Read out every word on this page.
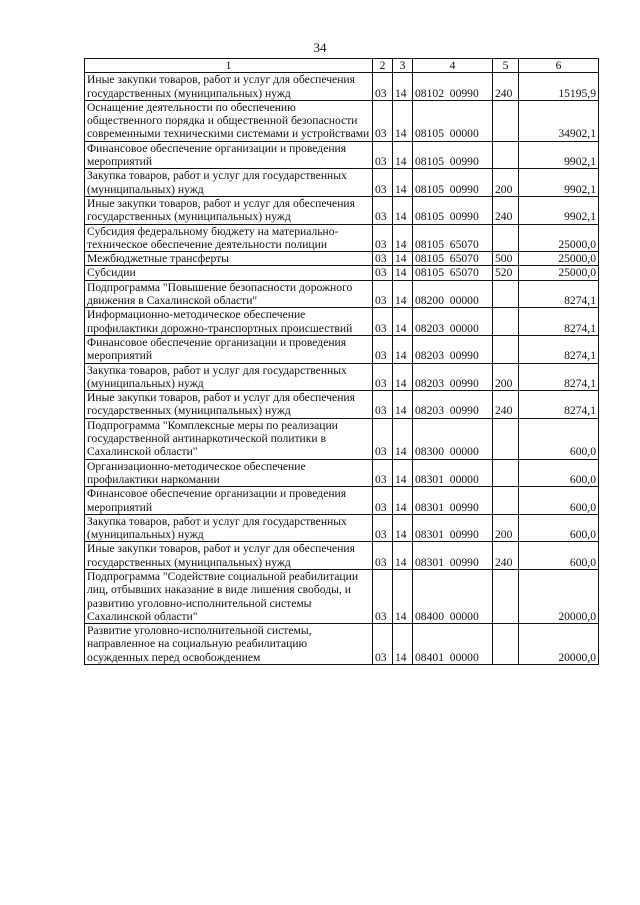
34
1	2	3	4	5	6
Иные закупки товаров, работ и услуг для обеспечения государственных (муниципальных) нужд	03	14	08102  00990	240	15195,9
Оснащение деятельности по обеспечению общественного порядка и общественной безопасности современными техническими системами и устройствами	03	14	08105  00000		34902,1
Финансовое обеспечение организации и проведения мероприятий	03	14	08105  00990		9902,1
Закупка товаров, работ и услуг для государственных (муниципальных) нужд	03	14	08105  00990	200	9902,1
Иные закупки товаров, работ и услуг для обеспечения государственных (муниципальных) нужд	03	14	08105  00990	240	9902,1
Субсидия федеральному бюджету на материально-техническое обеспечение деятельности полиции	03	14	08105  65070		25000,0
Межбюджетные трансферты	03	14	08105  65070	500	25000,0
Субсидии	03	14	08105  65070	520	25000,0
Подпрограмма "Повышение безопасности дорожного движения в Сахалинской области"	03	14	08200  00000		8274,1
Информационно-методическое обеспечение профилактики дорожно-транспортных происшествий	03	14	08203  00000		8274,1
Финансовое обеспечение организации и проведения мероприятий	03	14	08203  00990		8274,1
Закупка товаров, работ и услуг для государственных (муниципальных) нужд	03	14	08203  00990	200	8274,1
Иные закупки товаров, работ и услуг для обеспечения государственных (муниципальных) нужд	03	14	08203  00990	240	8274,1
Подпрограмма "Комплексные меры по реализации государственной антинаркотической политики в Сахалинской области"	03	14	08300  00000		600,0
Организационно-методическое обеспечение профилактики наркомании	03	14	08301  00000		600,0
Финансовое обеспечение организации и проведения мероприятий	03	14	08301  00990		600,0
Закупка товаров, работ и услуг для государственных (муниципальных) нужд	03	14	08301  00990	200	600,0
Иные закупки товаров, работ и услуг для обеспечения государственных (муниципальных) нужд	03	14	08301  00990	240	600,0
Подпрограмма "Содействие социальной реабилитации лиц, отбывших наказание в виде лишения свободы, и развитию уголовно-исполнительной системы Сахалинской области"	03	14	08400  00000		20000,0
Развитие уголовно-исполнительной системы, направленное на социальную реабилитацию осужденных перед освобождением	03	14	08401  00000		20000,0
